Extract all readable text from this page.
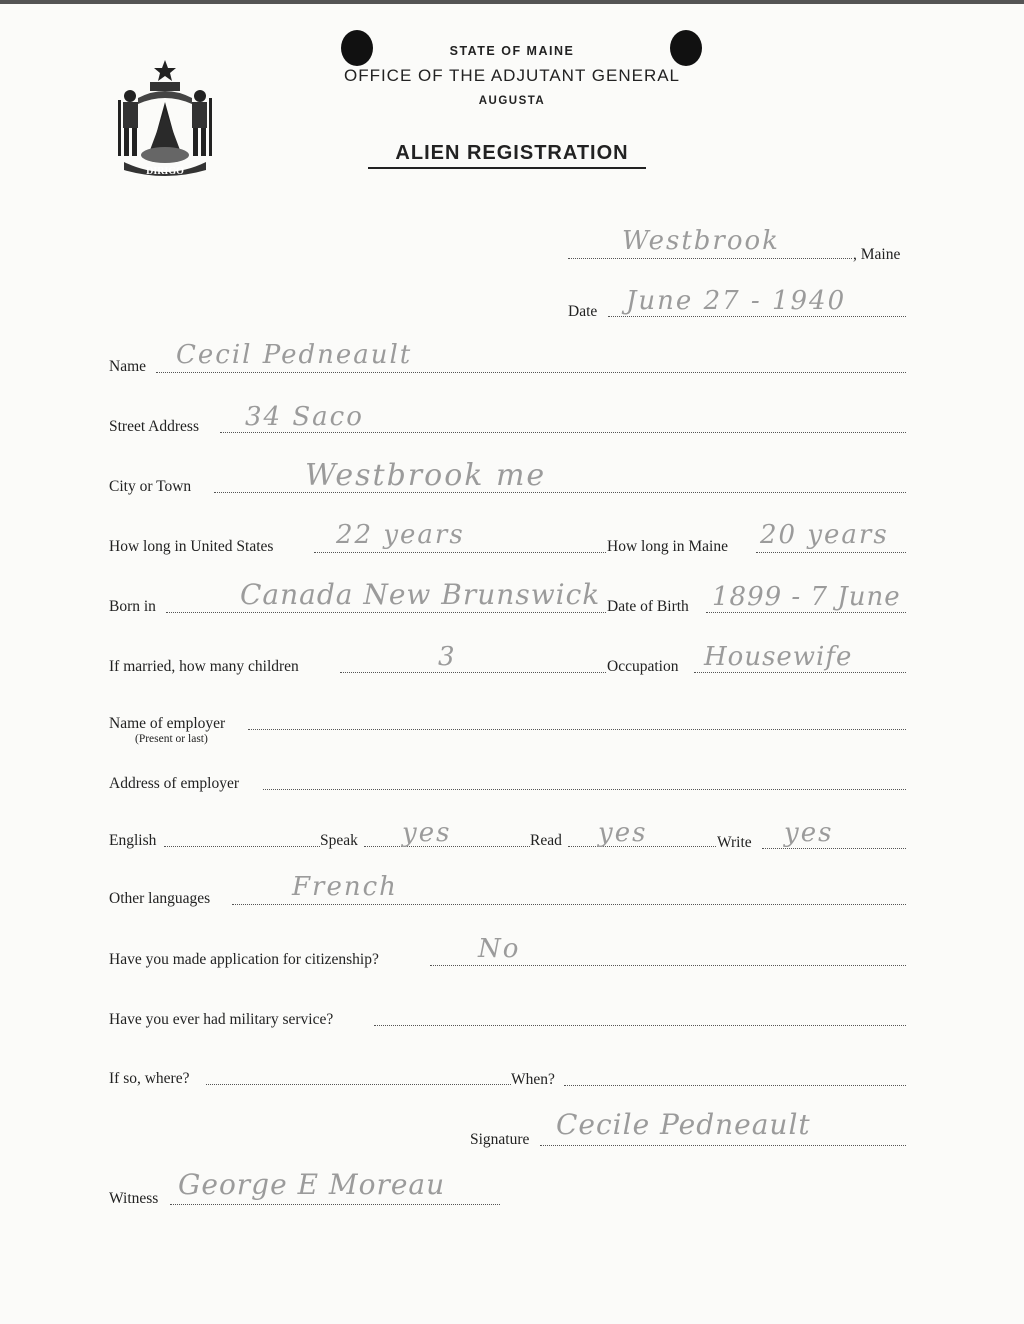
DIRIGO
STATE OF MAINE
OFFICE OF THE ADJUTANT GENERAL
AUGUSTA
ALIEN REGISTRATION
Westbrook	, Maine
Date June 27 - 1940
Name Cecil Pedneault
Street Address 34 Saco
City or Town	Westbrook me
How long in United States 22 years	How long in Maine 20 years
Born in	Canada New Brunswick Date of Birth 1899 - 7 June
If married, how many children	3	Occupation Housewife
Name of employer
(Present or last)
Address of employer
English	Speak yes	Read yes	Write yes
Other languages	French
Have you made application for citizenship?	No
Have you ever had military service?
If so, where?	When?
Signature Cecile Pedneault
Witness George E Moreau
